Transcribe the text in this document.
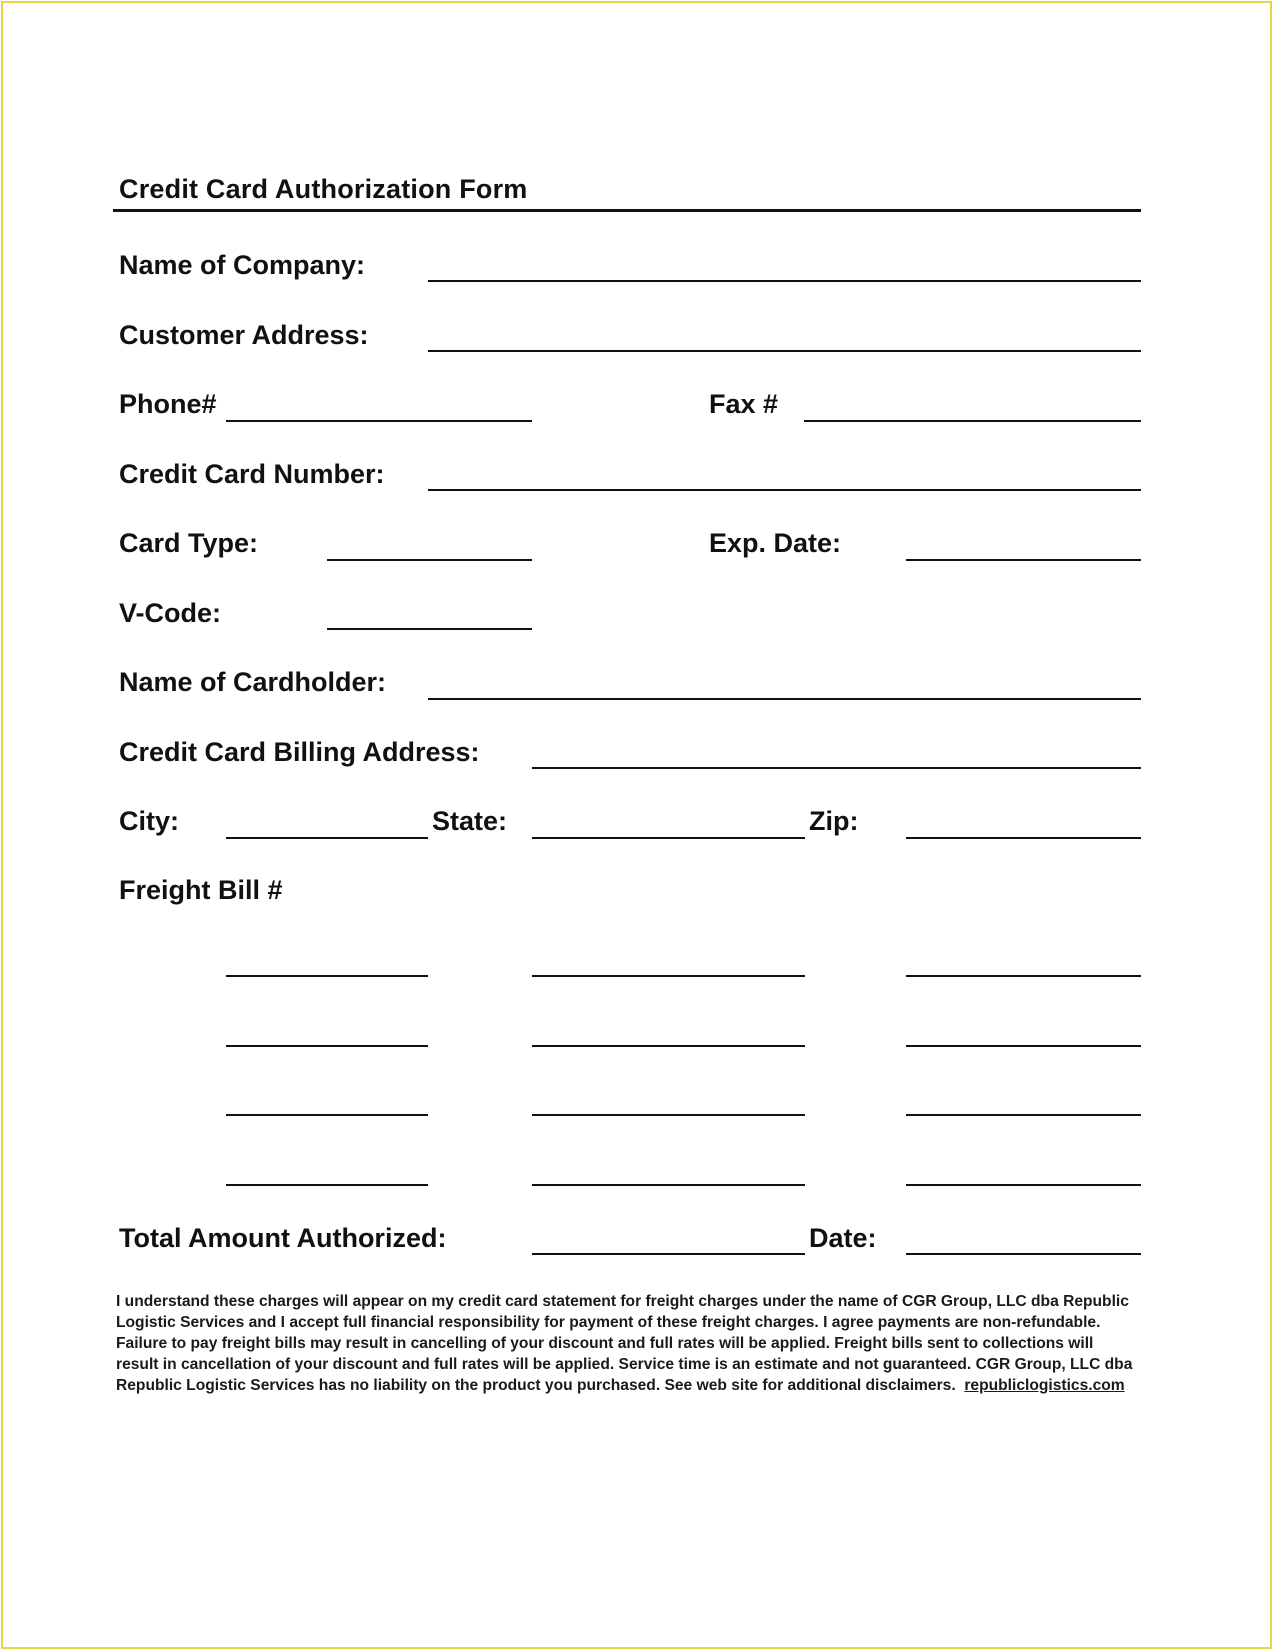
Credit Card Authorization Form
Name of Company:
Customer Address:
Phone#	Fax #
Credit Card Number:
Card Type:	Exp. Date:
V-Code:
Name of Cardholder:
Credit Card Billing Address:
City:	State:	Zip:
Freight Bill #
Total Amount Authorized:	Date:
I understand these charges will appear on my credit card statement for freight charges under the name of CGR Group, LLC dba Republic Logistic Services and I accept full financial responsibility for payment of these freight charges. I agree payments are non-refundable. Failure to pay freight bills may result in cancelling of your discount and full rates will be applied. Freight bills sent to collections will result in cancellation of your discount and full rates will be applied. Service time is an estimate and not guaranteed. CGR Group, LLC dba Republic Logistic Services has no liability on the product you purchased. See web site for additional disclaimers. republiclogistics.com
